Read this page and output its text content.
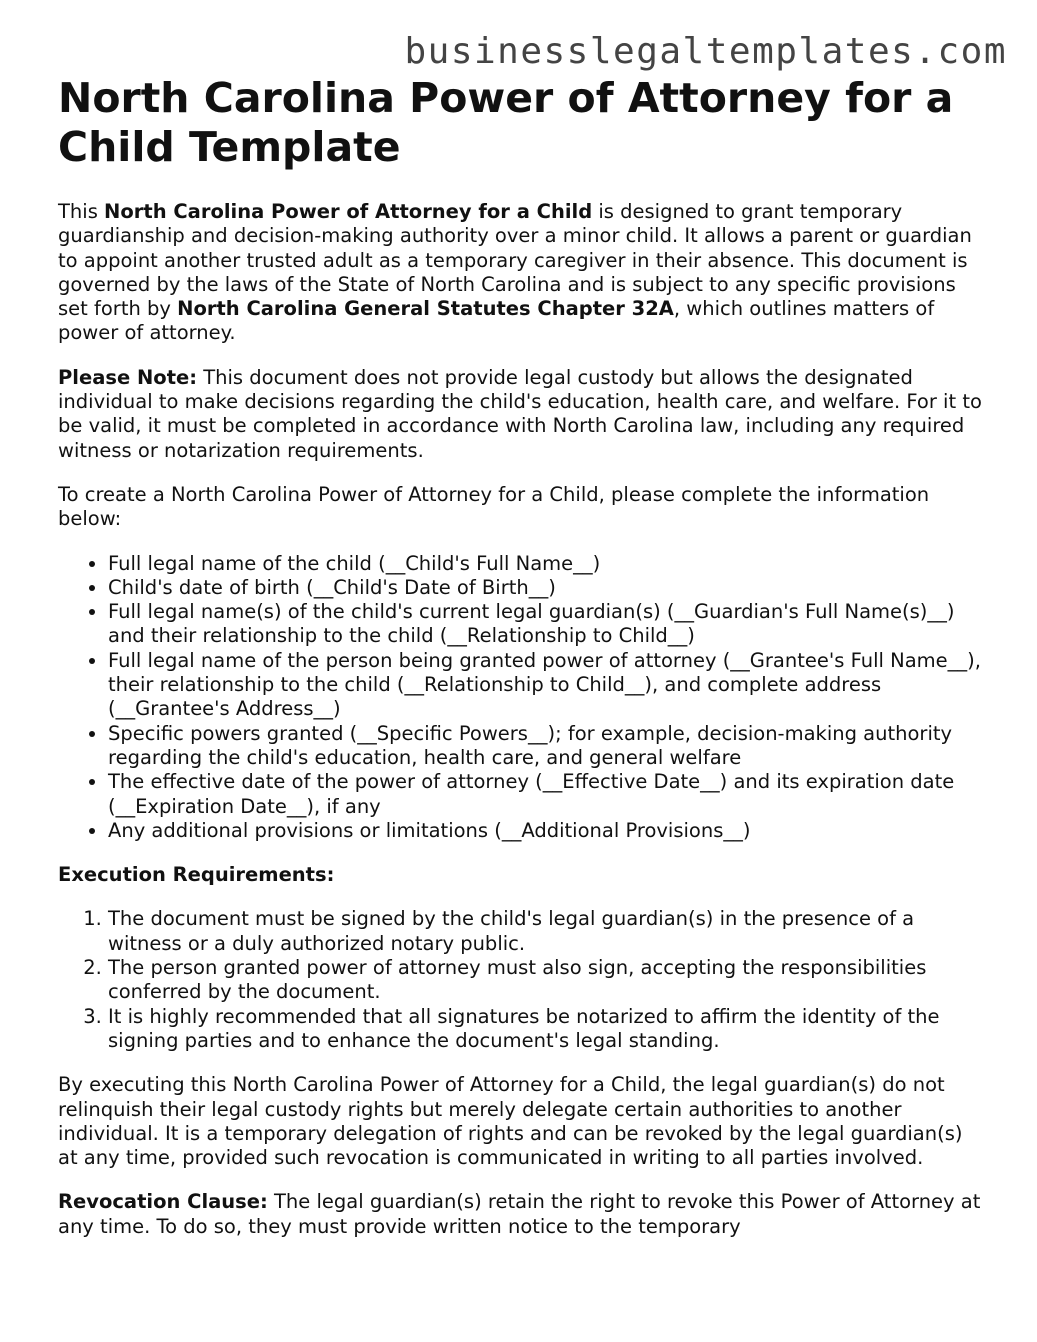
businesslegaltemplates.com
North Carolina Power of Attorney for a Child Template

This North Carolina Power of Attorney for a Child is designed to grant temporary guardianship and decision-making authority over a minor child. It allows a parent or guardian to appoint another trusted adult as a temporary caregiver in their absence. This document is governed by the laws of the State of North Carolina and is subject to any specific provisions set forth by North Carolina General Statutes Chapter 32A, which outlines matters of power of attorney.

Please Note: This document does not provide legal custody but allows the designated individual to make decisions regarding the child's education, health care, and welfare. For it to be valid, it must be completed in accordance with North Carolina law, including any required witness or notarization requirements.

To create a North Carolina Power of Attorney for a Child, please complete the information below:

• Full legal name of the child (__Child's Full Name__)
• Child's date of birth (__Child's Date of Birth__)
• Full legal name(s) of the child's current legal guardian(s) (__Guardian's Full Name(s)__) and their relationship to the child (__Relationship to Child__)
• Full legal name of the person being granted power of attorney (__Grantee's Full Name__), their relationship to the child (__Relationship to Child__), and complete address (__Grantee's Address__)
• Specific powers granted (__Specific Powers__); for example, decision-making authority regarding the child's education, health care, and general welfare
• The effective date of the power of attorney (__Effective Date__) and its expiration date (__Expiration Date__), if any
• Any additional provisions or limitations (__Additional Provisions__)

Execution Requirements:

1. The document must be signed by the child's legal guardian(s) in the presence of a witness or a duly authorized notary public.
2. The person granted power of attorney must also sign, accepting the responsibilities conferred by the document.
3. It is highly recommended that all signatures be notarized to affirm the identity of the signing parties and to enhance the document's legal standing.

By executing this North Carolina Power of Attorney for a Child, the legal guardian(s) do not relinquish their legal custody rights but merely delegate certain authorities to another individual. It is a temporary delegation of rights and can be revoked by the legal guardian(s) at any time, provided such revocation is communicated in writing to all parties involved.

Revocation Clause: The legal guardian(s) retain the right to revoke this Power of Attorney at any time. To do so, they must provide written notice to the temporary
